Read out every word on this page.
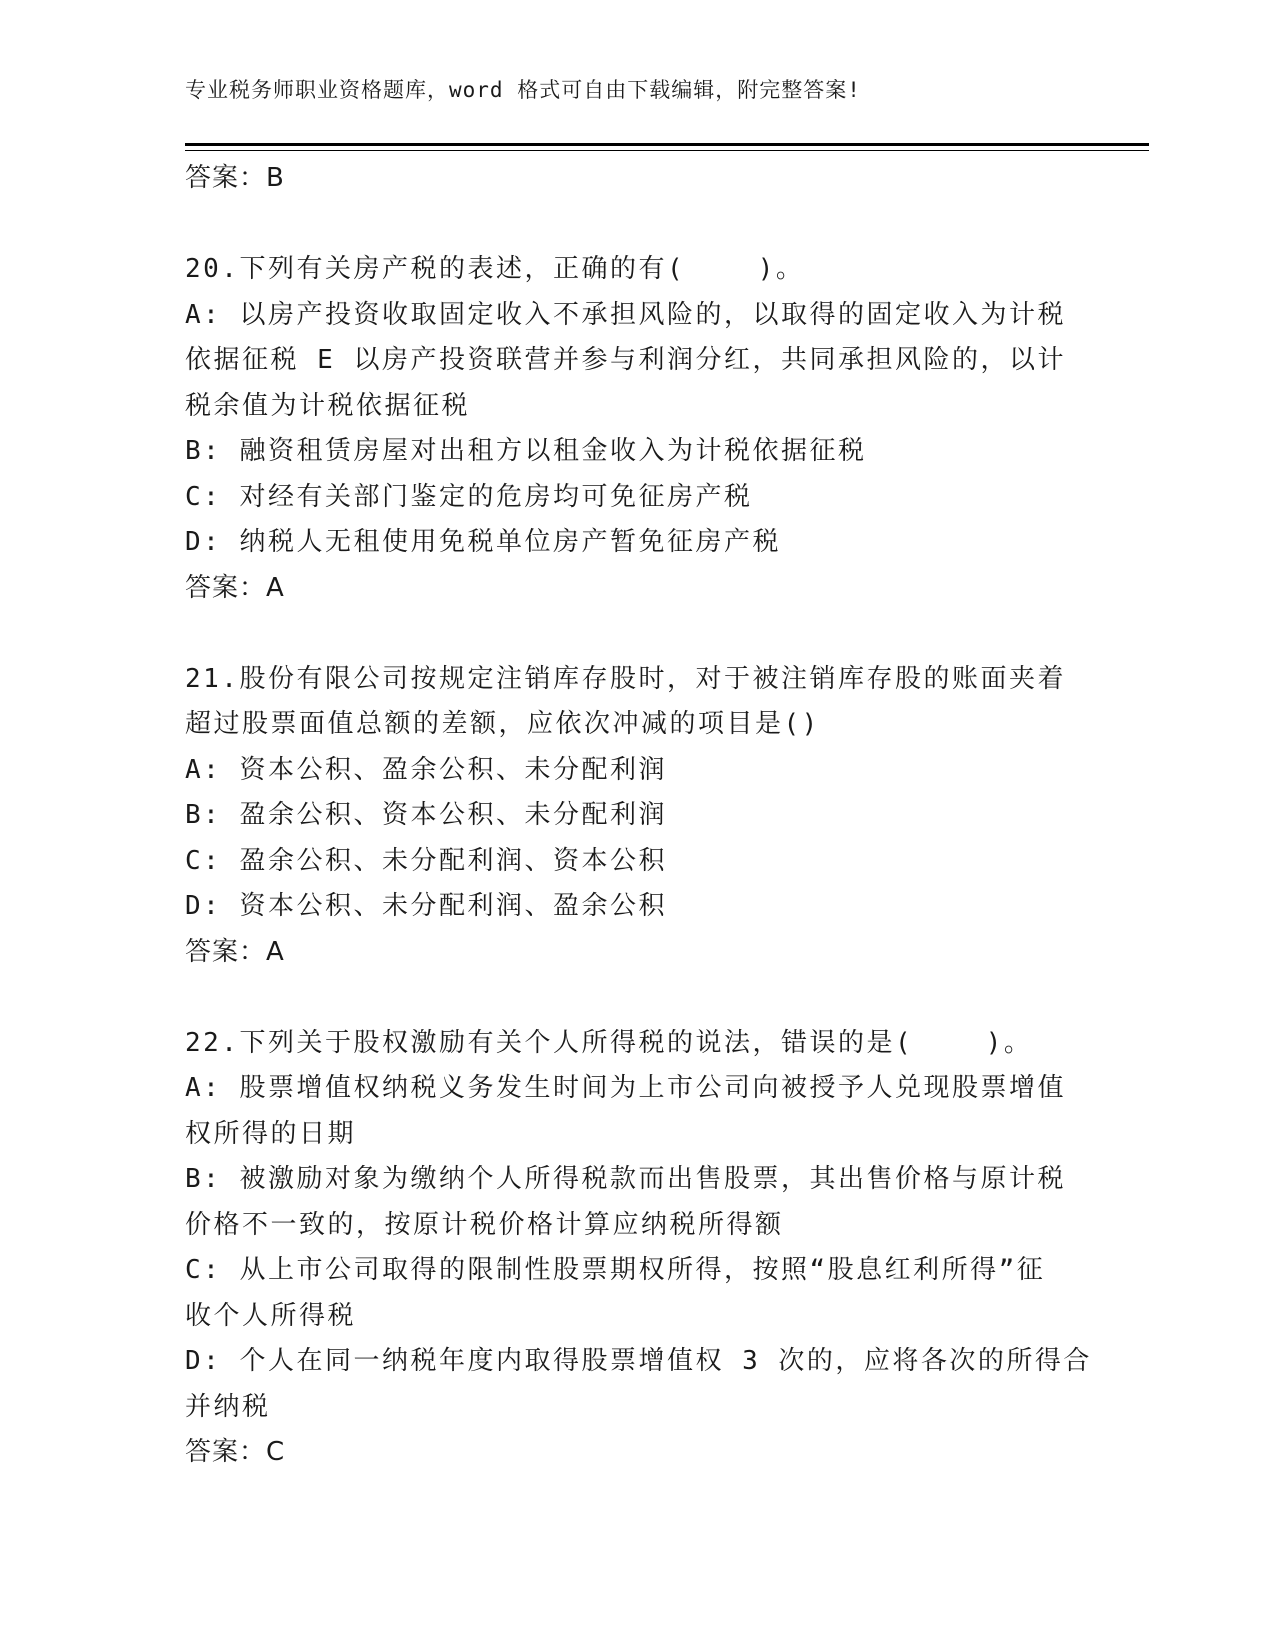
专业税务师职业资格题库，word 格式可自由下载编辑，附完整答案!
答案：B
20.下列有关房产税的表述，正确的有(    )。
A: 以房产投资收取固定收入不承担风险的，以取得的固定收入为计税
依据征税 E 以房产投资联营并参与利润分红，共同承担风险的，以计
税余值为计税依据征税
B: 融资租赁房屋对出租方以租金收入为计税依据征税
C: 对经有关部门鉴定的危房均可免征房产税
D: 纳税人无租使用免税单位房产暂免征房产税
答案：A
21.股份有限公司按规定注销库存股时，对于被注销库存股的账面夹着
超过股票面值总额的差额，应依次冲减的项目是()
A: 资本公积、盈余公积、未分配利润
B: 盈余公积、资本公积、未分配利润
C: 盈余公积、未分配利润、资本公积
D: 资本公积、未分配利润、盈余公积
答案：A
22.下列关于股权激励有关个人所得税的说法，错误的是(    )。
A: 股票增值权纳税义务发生时间为上市公司向被授予人兑现股票增值
权所得的日期
B: 被激励对象为缴纳个人所得税款而出售股票，其出售价格与原计税
价格不一致的，按原计税价格计算应纳税所得额
C: 从上市公司取得的限制性股票期权所得，按照“股息红利所得”征
收个人所得税
D: 个人在同一纳税年度内取得股票增值权 3 次的，应将各次的所得合
并纳税
答案：C
